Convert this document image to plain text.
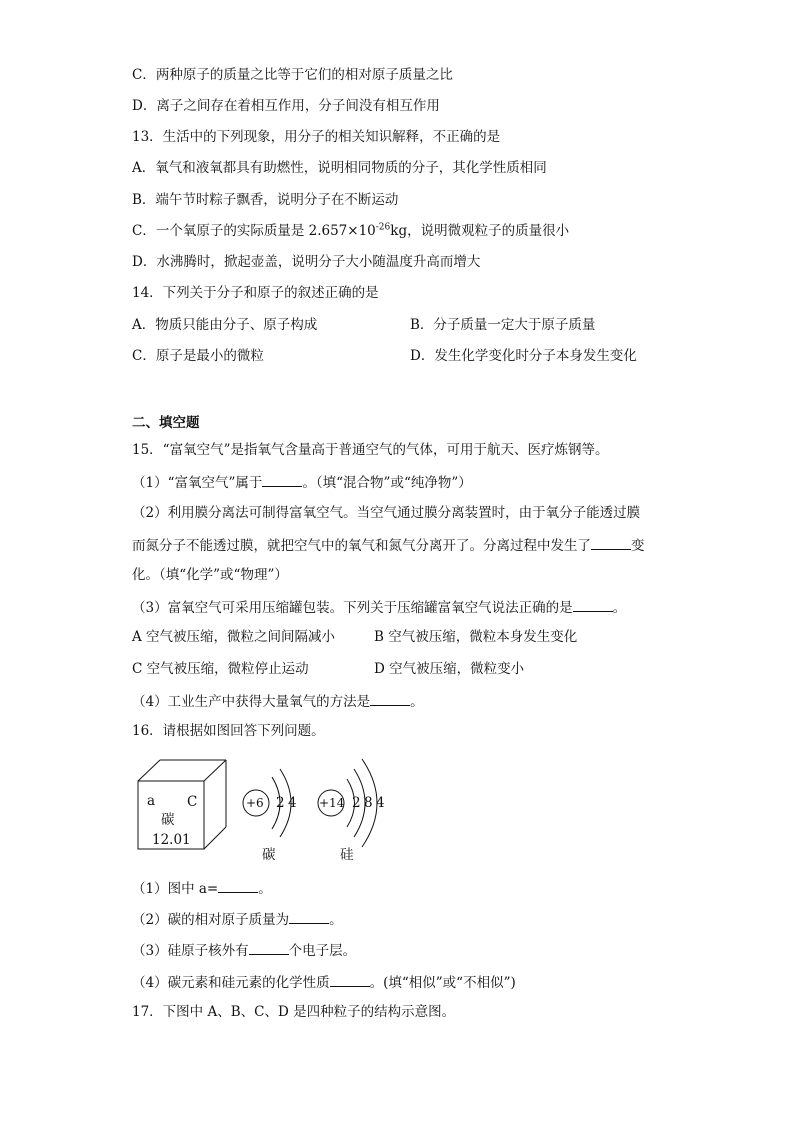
C．两种原子的质量之比等于它们的相对原子质量之比
D．离子之间存在着相互作用，分子间没有相互作用
13．生活中的下列现象，用分子的相关知识解释，不正确的是
A．氧气和液氧都具有助燃性，说明相同物质的分子，其化学性质相同
B．端午节时粽子飘香，说明分子在不断运动
C．一个氧原子的实际质量是 $2.657\times 10^{-26}kg$，说明微观粒子的质量很小
D．水沸腾时，掀起壶盖，说明分子大小随温度升高而增大
14．下列关于分子和原子的叙述正确的是
A．物质只能由分子、原子构成	B．分子质量一定大于原子质量
C．原子是最小的微粒	D．发生化学变化时分子本身发生变化
二、填空题
15．“富氧空气”是指氧气含量高于普通空气的气体，可用于航天、医疗炼钢等。
（1）“富氧空气”属于	。（填“混合物”或“纯净物”）
（2）利用膜分离法可制得富氧空气。当空气通过膜分离装置时，由于氧分子能透过膜
而氮分子不能透过膜，就把空气中的氧气和氮气分离开了。分离过程中发生了	变
化。（填“化学”或“物理”）
（3）富氧空气可采用压缩罐包装。下列关于压缩罐富氧空气说法正确的是	。
A 空气被压缩，微粒之间间隔减小	B 空气被压缩，微粒本身发生变化
C 空气被压缩，微粒停止运动	D 空气被压缩，微粒变小
（4）工业生产中获得大量氧气的方法是	。
16．请根据如图回答下列问题。
a C
碳
12.01
+6 2 4
碳
+14 2 8 4
硅
（1）图中 a=	。
（2）碳的相对原子质量为	。
（3）硅原子核外有	个电子层。
（4）碳元素和硅元素的化学性质	。(填“相似”或“不相似”)
17．下图中 A、B、C、D 是四种粒子的结构示意图。
